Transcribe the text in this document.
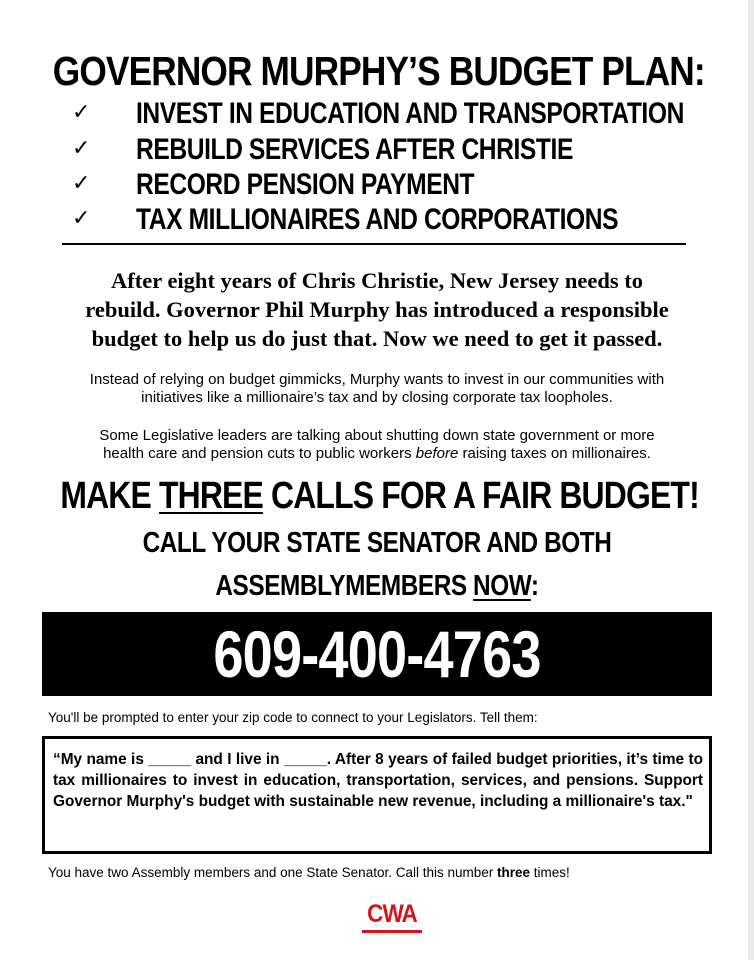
GOVERNOR MURPHY’S BUDGET PLAN:
✓ INVEST IN EDUCATION AND TRANSPORTATION
✓ REBUILD SERVICES AFTER CHRISTIE
✓ RECORD PENSION PAYMENT
✓ TAX MILLIONAIRES AND CORPORATIONS
After eight years of Chris Christie, New Jersey needs to
rebuild. Governor Phil Murphy has introduced a responsible
budget to help us do just that. Now we need to get it passed.
Instead of relying on budget gimmicks, Murphy wants to invest in our communities with
initiatives like a millionaire’s tax and by closing corporate tax loopholes.
Some Legislative leaders are talking about shutting down state government or more
health care and pension cuts to public workers before raising taxes on millionaires.
MAKE THREE CALLS FOR A FAIR BUDGET!
CALL YOUR STATE SENATOR AND BOTH
ASSEMBLYMEMBERS NOW:
609-400-4763
You'll be prompted to enter your zip code to connect to your Legislators. Tell them:
“My name is _____ and I live in _____. After 8 years of failed budget priorities, it’s time to tax millionaires to invest in education, transportation, services, and pensions. Support Governor Murphy's budget with sustainable new revenue, including a millionaire's tax."
You have two Assembly members and one State Senator. Call this number three times!
CWA
